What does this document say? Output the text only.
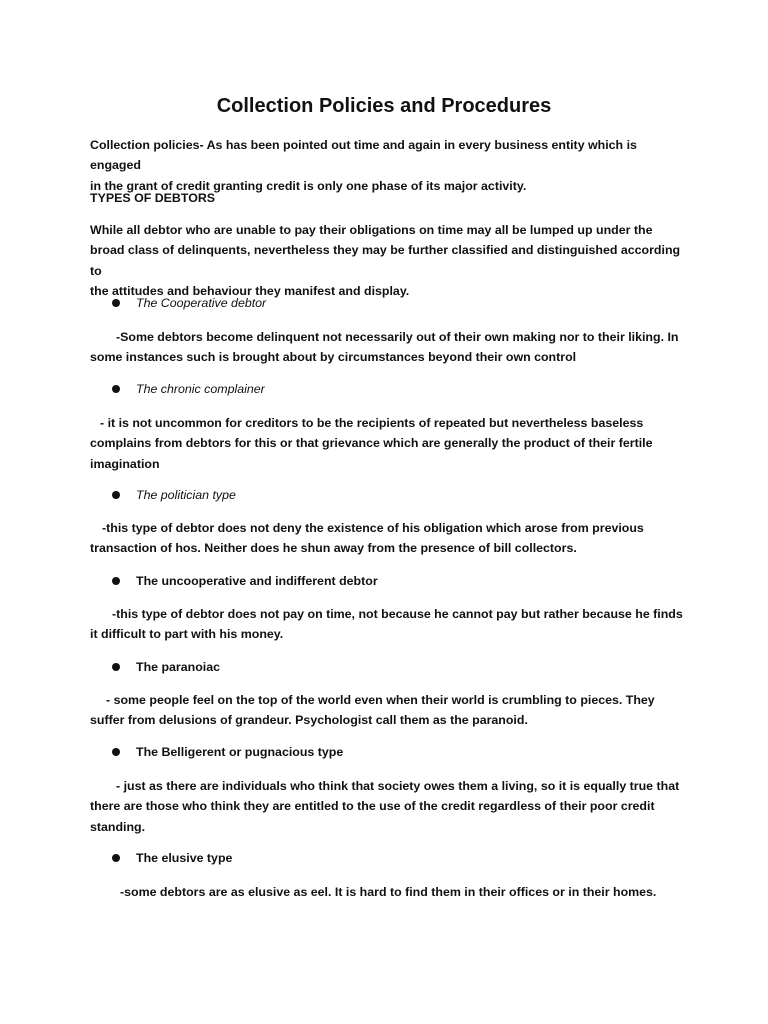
Collection Policies and Procedures

Collection policies- As has been pointed out time and again in every business entity which is engaged
in the grant of credit granting credit is only one phase of its major activity.

TYPES OF DEBTORS

While all debtor who are unable to pay their obligations on time may all be lumped up under the
broad class of delinquents, nevertheless they may be further classified and distinguished according to
the attitudes and behaviour they manifest and display.

The Cooperative debtor

-Some debtors become delinquent not necessarily out of their own making nor to their liking. In
some instances such is brought about by circumstances beyond their own control

The chronic complainer

- it is not uncommon for creditors to be the recipients of repeated but nevertheless baseless
complains from debtors for this or that grievance which are generally the product of their fertile
imagination

The politician type

-this type of debtor does not deny the existence of his obligation which arose from previous
transaction of hos. Neither does he shun away from the presence of bill collectors.

The uncooperative and indifferent debtor

-this type of debtor does not pay on time, not because he cannot pay but rather because he finds
it difficult to part with his money.

The paranoiac

- some people feel on the top of the world even when their world is crumbling to pieces. They
suffer from delusions of grandeur. Psychologist call them as the paranoid.

The Belligerent or pugnacious type

- just as there are individuals who think that society owes them a living, so it is equally true that
there are those who think they are entitled to the use of the credit regardless of their poor credit
standing.

The elusive type

-some debtors are as elusive as eel. It is hard to find them in their offices or in their homes.
